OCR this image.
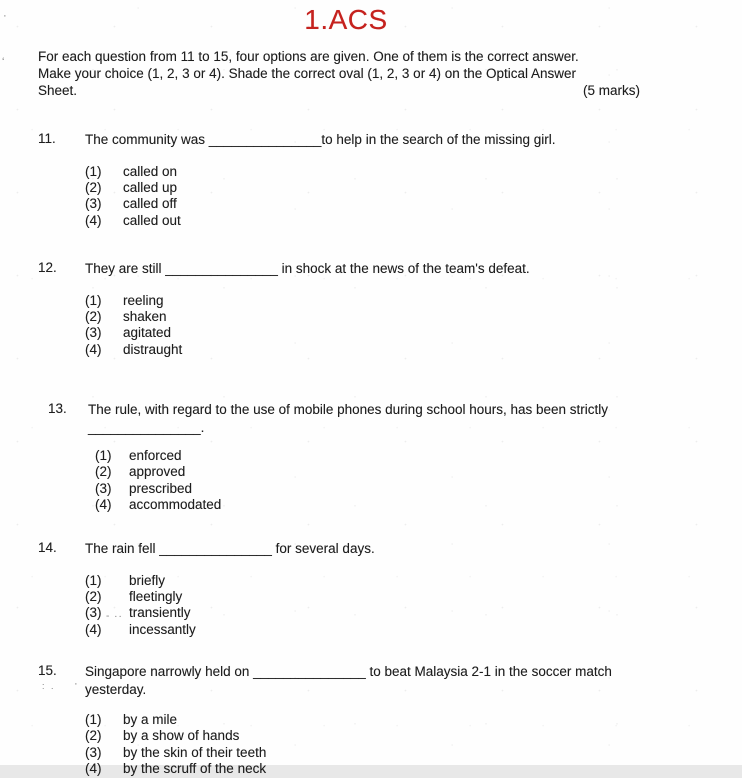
1.ACS
For each question from 11 to 15, four options are given. One of them is the correct answer.
Make your choice (1, 2, 3 or 4). Shade the correct oval (1, 2, 3 or 4) on the Optical Answer
Sheet.	(5 marks)
11.	The community was _______________to help in the search of the missing girl.
(1)	called on
(2)	called up
(3)	called off
(4)	called out
12.	They are still _______________ in shock at the news of the team's defeat.
(1)	reeling
(2)	shaken
(3)	agitated
(4)	distraught
13.	The rule, with regard to the use of mobile phones during school hours, has been strictly
_______________.
(1)	enforced
(2)	approved
(3)	prescribed
(4)	accommodated
14.	The rain fell _______________ for several days.
(1)	briefly
(2)	fleetingly
(3)	transiently
(4)	incessantly
15.	Singapore narrowly held on _______________ to beat Malaysia 2-1 in the soccer match
yesterday.
(1)	by a mile
(2)	by a show of hands
(3)	by the skin of their teeth
(4)	by the scruff of the neck
·
‘
- ··
·
: .
